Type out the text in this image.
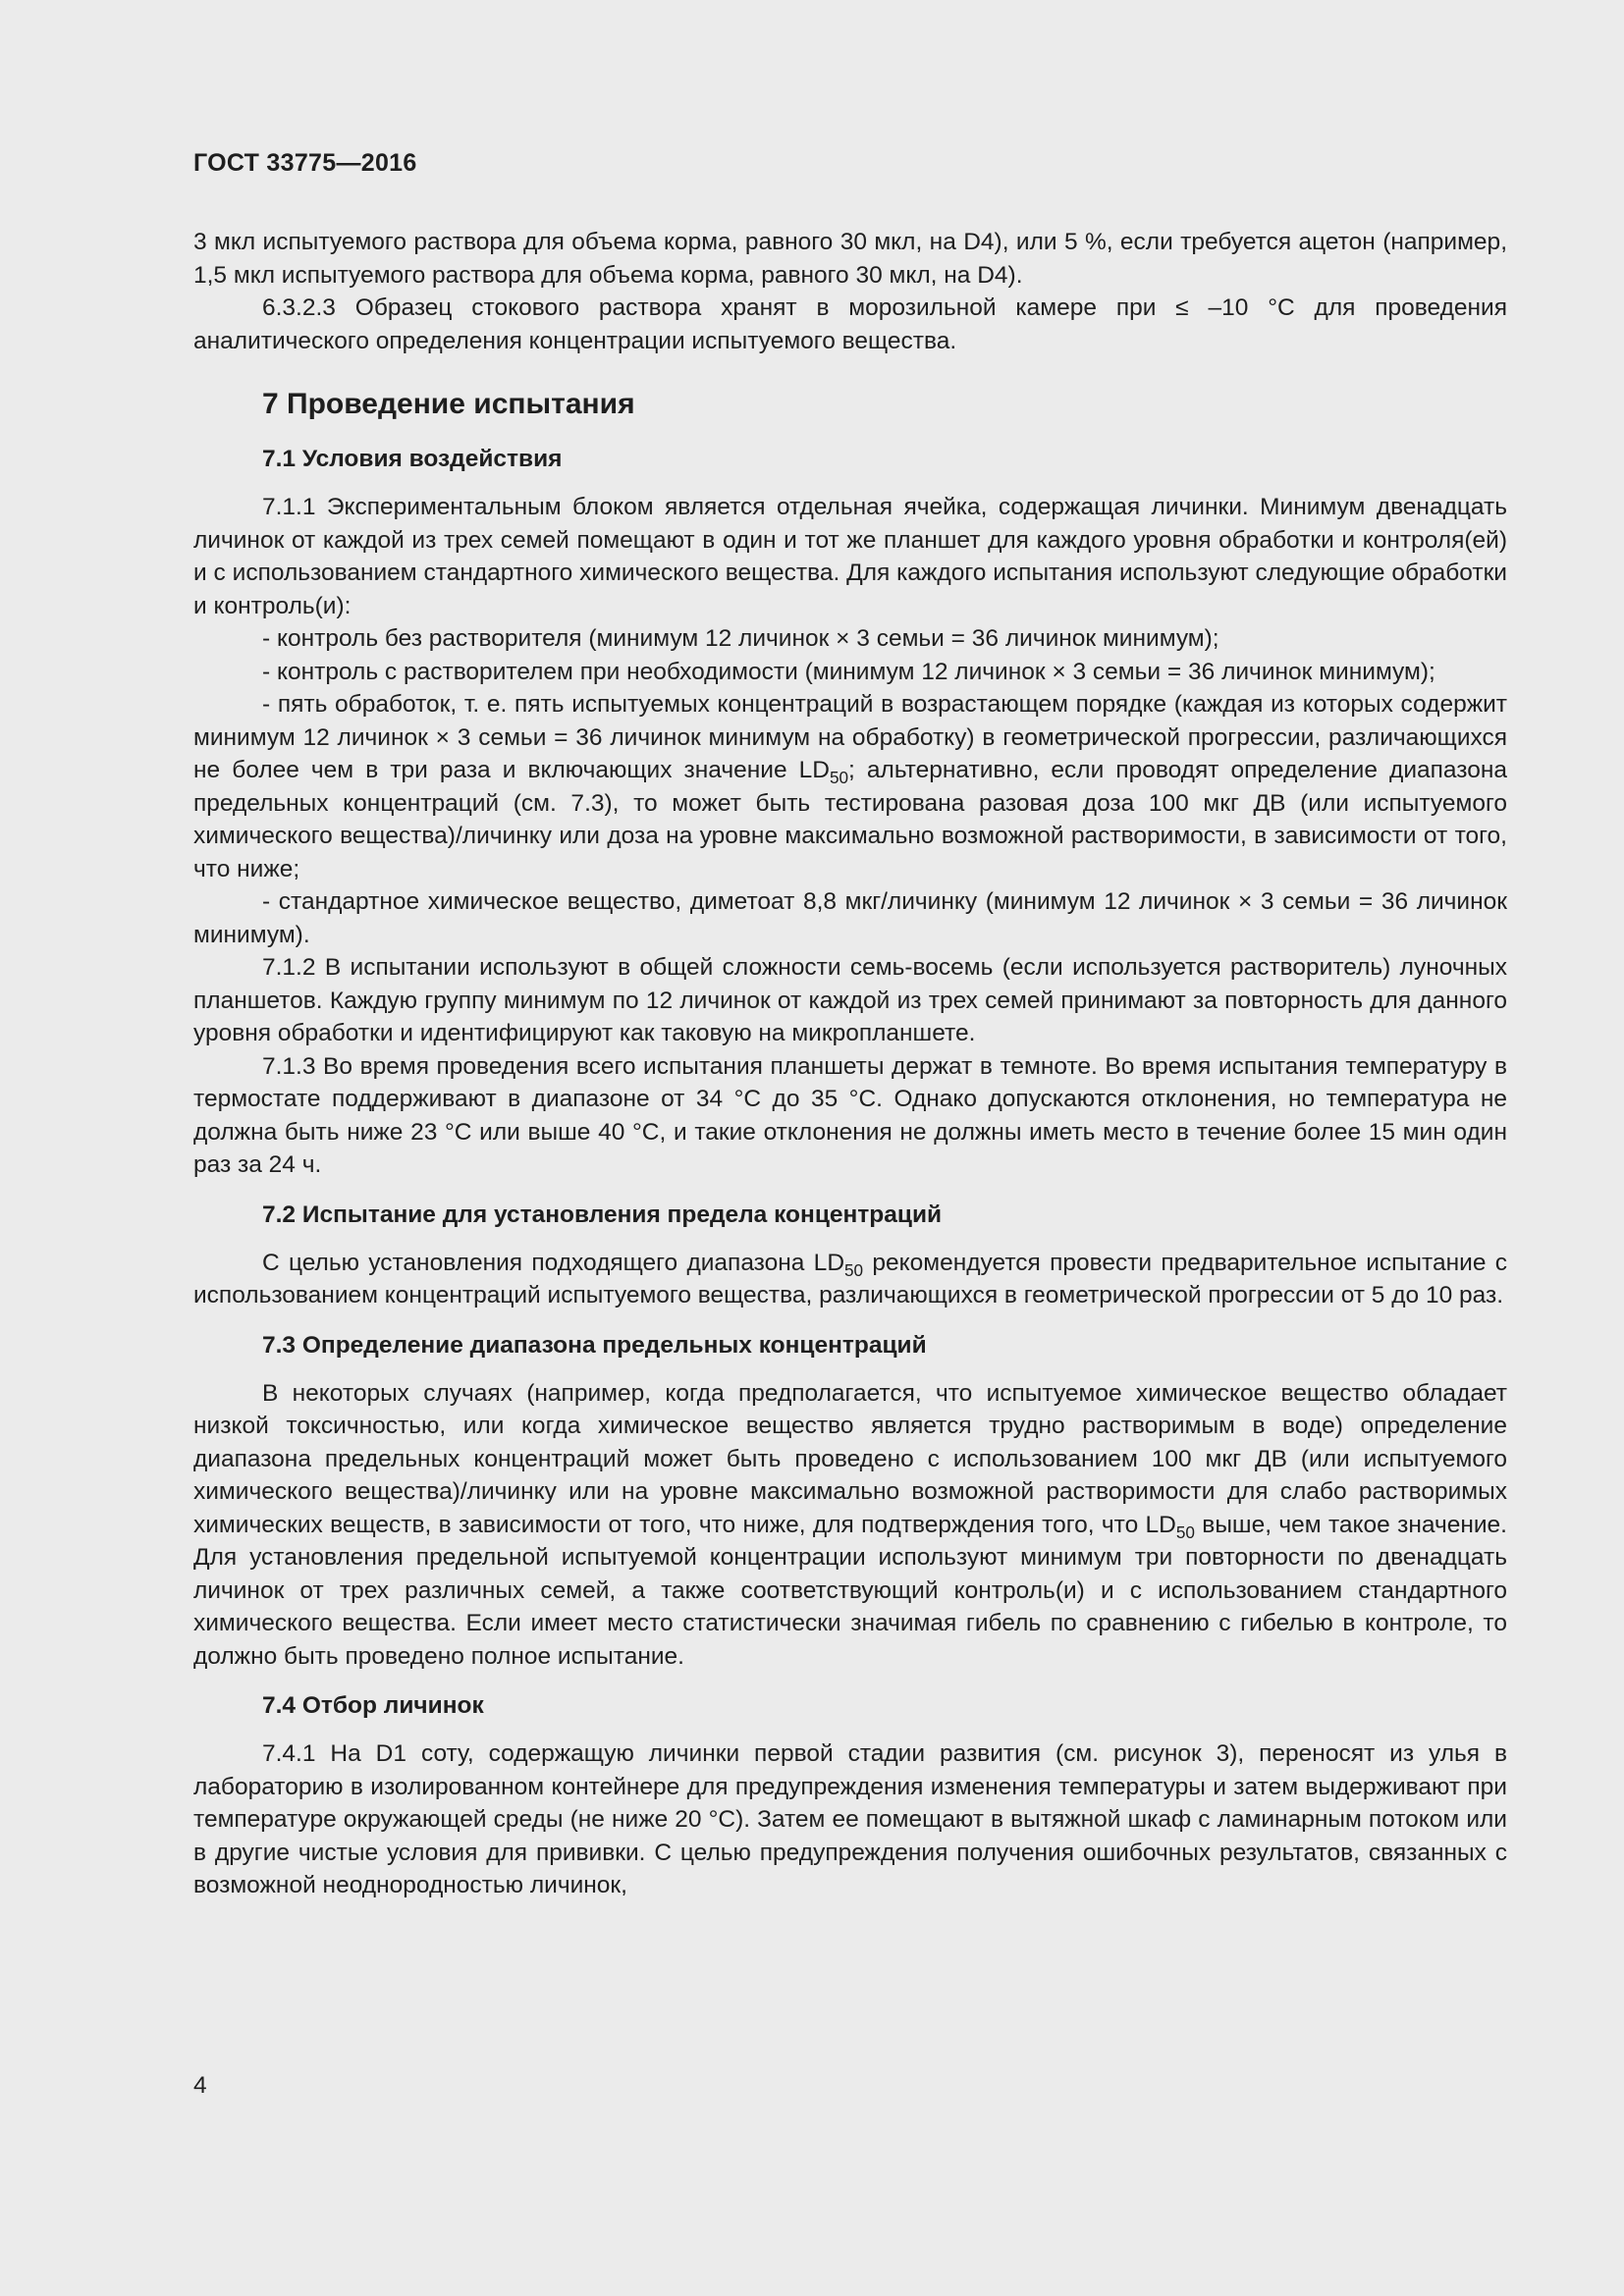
ГОСТ 33775—2016

3 мкл испытуемого раствора для объема корма, равного 30 мкл, на D4), или 5 %, если требуется ацетон (например, 1,5 мкл испытуемого раствора для объема корма, равного 30 мкл, на D4).

6.3.2.3 Образец стокового раствора хранят в морозильной камере при ≤ –10 °С для проведения аналитического определения концентрации испытуемого вещества.

7 Проведение испытания
7.1 Условия воздействия

7.1.1 Экспериментальным блоком является отдельная ячейка, содержащая личинки. Минимум двенадцать личинок от каждой из трех семей помещают в один и тот же планшет для каждого уровня обработки и контроля(ей) и с использованием стандартного химического вещества. Для каждого испытания используют следующие обработки и контроль(и):

- контроль без растворителя (минимум 12 личинок × 3 семьи = 36 личинок минимум);

- контроль с растворителем при необходимости (минимум 12 личинок × 3 семьи = 36 личинок минимум);

- пять обработок, т. е. пять испытуемых концентраций в возрастающем порядке (каждая из которых содержит минимум 12 личинок × 3 семьи = 36 личинок минимум на обработку) в геометрической прогрессии, различающихся не более чем в три раза и включающих значение $LD_{50}$; альтернативно, если проводят определение диапазона предельных концентраций (см. 7.3), то может быть тестирована разовая доза 100 мкг ДВ (или испытуемого химического вещества)/личинку или доза на уровне максимально возможной растворимости, в зависимости от того, что ниже;

- стандартное химическое вещество, диметоат 8,8 мкг/личинку (минимум 12 личинок × 3 семьи = 36 личинок минимум).

7.1.2 В испытании используют в общей сложности семь-восемь (если используется растворитель) луночных планшетов. Каждую группу минимум по 12 личинок от каждой из трех семей принимают за повторность для данного уровня обработки и идентифицируют как таковую на микропланшете.

7.1.3 Во время проведения всего испытания планшеты держат в темноте. Во время испытания температуру в термостате поддерживают в диапазоне от 34 °С до 35 °С. Однако допускаются отклонения, но температура не должна быть ниже 23 °С или выше 40 °С, и такие отклонения не должны иметь место в течение более 15 мин один раз за 24 ч.

7.2 Испытание для установления предела концентраций

С целью установления подходящего диапазона $LD_{50}$ рекомендуется провести предварительное испытание с использованием концентраций испытуемого вещества, различающихся в геометрической прогрессии от 5 до 10 раз.

7.3 Определение диапазона предельных концентраций

В некоторых случаях (например, когда предполагается, что испытуемое химическое вещество обладает низкой токсичностью, или когда химическое вещество является трудно растворимым в воде) определение диапазона предельных концентраций может быть проведено с использованием 100 мкг ДВ (или испытуемого химического вещества)/личинку или на уровне максимально возможной растворимости для слабо растворимых химических веществ, в зависимости от того, что ниже, для подтверждения того, что $LD_{50}$ выше, чем такое значение. Для установления предельной испытуемой концентрации используют минимум три повторности по двенадцать личинок от трех различных семей, а также соответствующий контроль(и) и с использованием стандартного химического вещества. Если имеет место статистически значимая гибель по сравнению с гибелью в контроле, то должно быть проведено полное испытание.

7.4 Отбор личинок

7.4.1 На D1 соту, содержащую личинки первой стадии развития (см. рисунок 3), переносят из улья в лабораторию в изолированном контейнере для предупреждения изменения температуры и затем выдерживают при температуре окружающей среды (не ниже 20 °С). Затем ее помещают в вытяжной шкаф с ламинарным потоком или в другие чистые условия для прививки. С целью предупреждения получения ошибочных результатов, связанных с возможной неоднородностью личинок,

4
